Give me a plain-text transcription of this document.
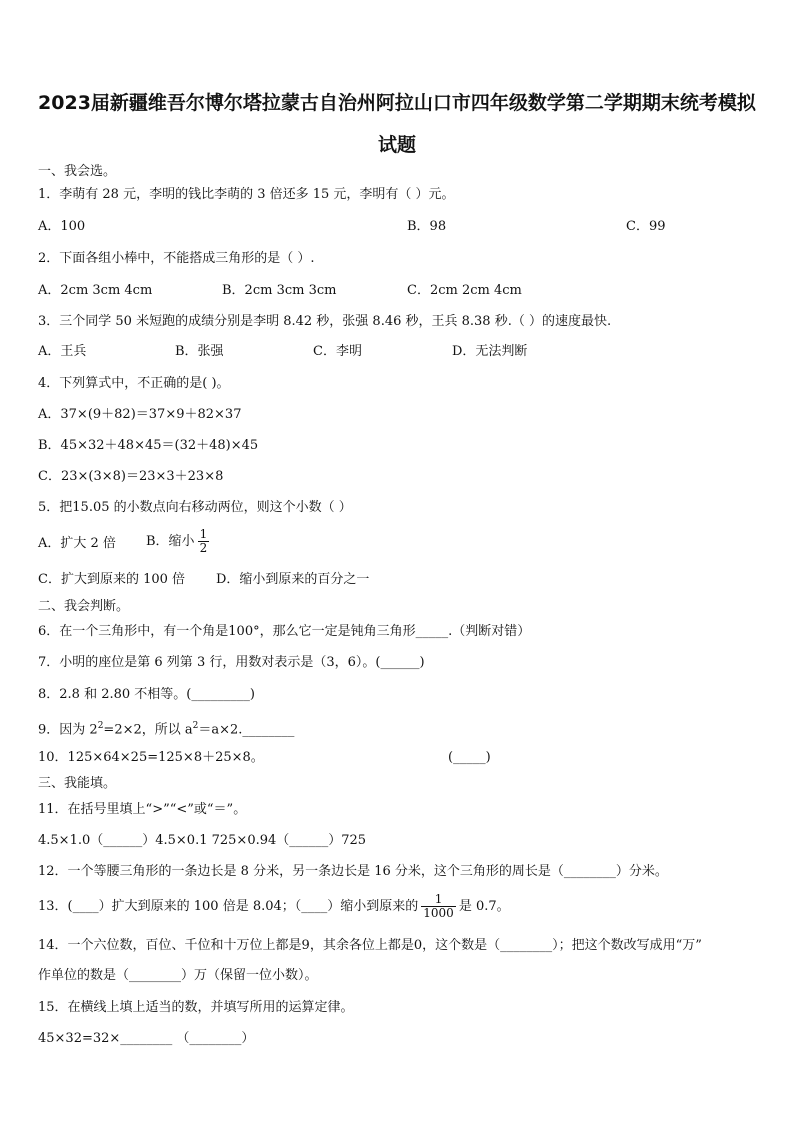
2023届新疆维吾尔博尔塔拉蒙古自治州阿拉山口市四年级数学第二学期期末统考模拟
试题
一、我会选。
1．李萌有 28 元，李明的钱比李萌的 3 倍还多 15 元，李明有（ ）元。
A．100	B．98	C．99
2．下面各组小棒中，不能搭成三角形的是（ ）.
A．2cm 3cm 4cm	B．2cm 3cm 3cm	C．2cm 2cm 4cm
3．三个同学 50 米短跑的成绩分别是李明 8.42 秒，张强 8.46 秒，王兵 8.38 秒.（ ）的速度最快.
A．王兵	B．张强	C．李明	D．无法判断
4．下列算式中，不正确的是( )。
A．37×(9＋82)＝37×9＋82×37
B．45×32＋48×45＝(32＋48)×45
C．23×(3×8)＝23×3＋23×8
5．把15.05 的小数点向右移动两位，则这个小数（ ）
A．扩大 2 倍 B．缩小 $\frac{1}{2}$
C．扩大到原来的 100 倍 D．缩小到原来的百分之一
二、我会判断。
6．在一个三角形中，有一个角是100°，那么它一定是钝角三角形_____.（判断对错）
7．小明的座位是第 6 列第 3 行，用数对表示是（3，6）。(______)
8．2.8 和 2.80 不相等。(_________)
9．因为 $2^2=2\times 2$，所以 $a^2=a\times 2.\_\_\_\_\_\_\_\_$
10．125×64×25=125×8＋25×8。	(_____)
三、我能填。
11．在括号里填上“>”“<”或“＝”。
4.5×1.0（______）4.5×0.1 725×0.94（______）725
12．一个等腰三角形的一条边长是 8 分米，另一条边长是 16 分米，这个三角形的周长是（________）分米。
13．(____）扩大到原来的 100 倍是 8.04；（____）缩小到原来的 $\frac{1}{1000}$ 是 0.7。
14．一个六位数，百位、千位和十万位上都是9，其余各位上都是0，这个数是（________）；把这个数改写成用“万”
作单位的数是（________）万（保留一位小数）。
15．在横线上填上适当的数，并填写所用的运算定律。
45×32=32×________ （________）
